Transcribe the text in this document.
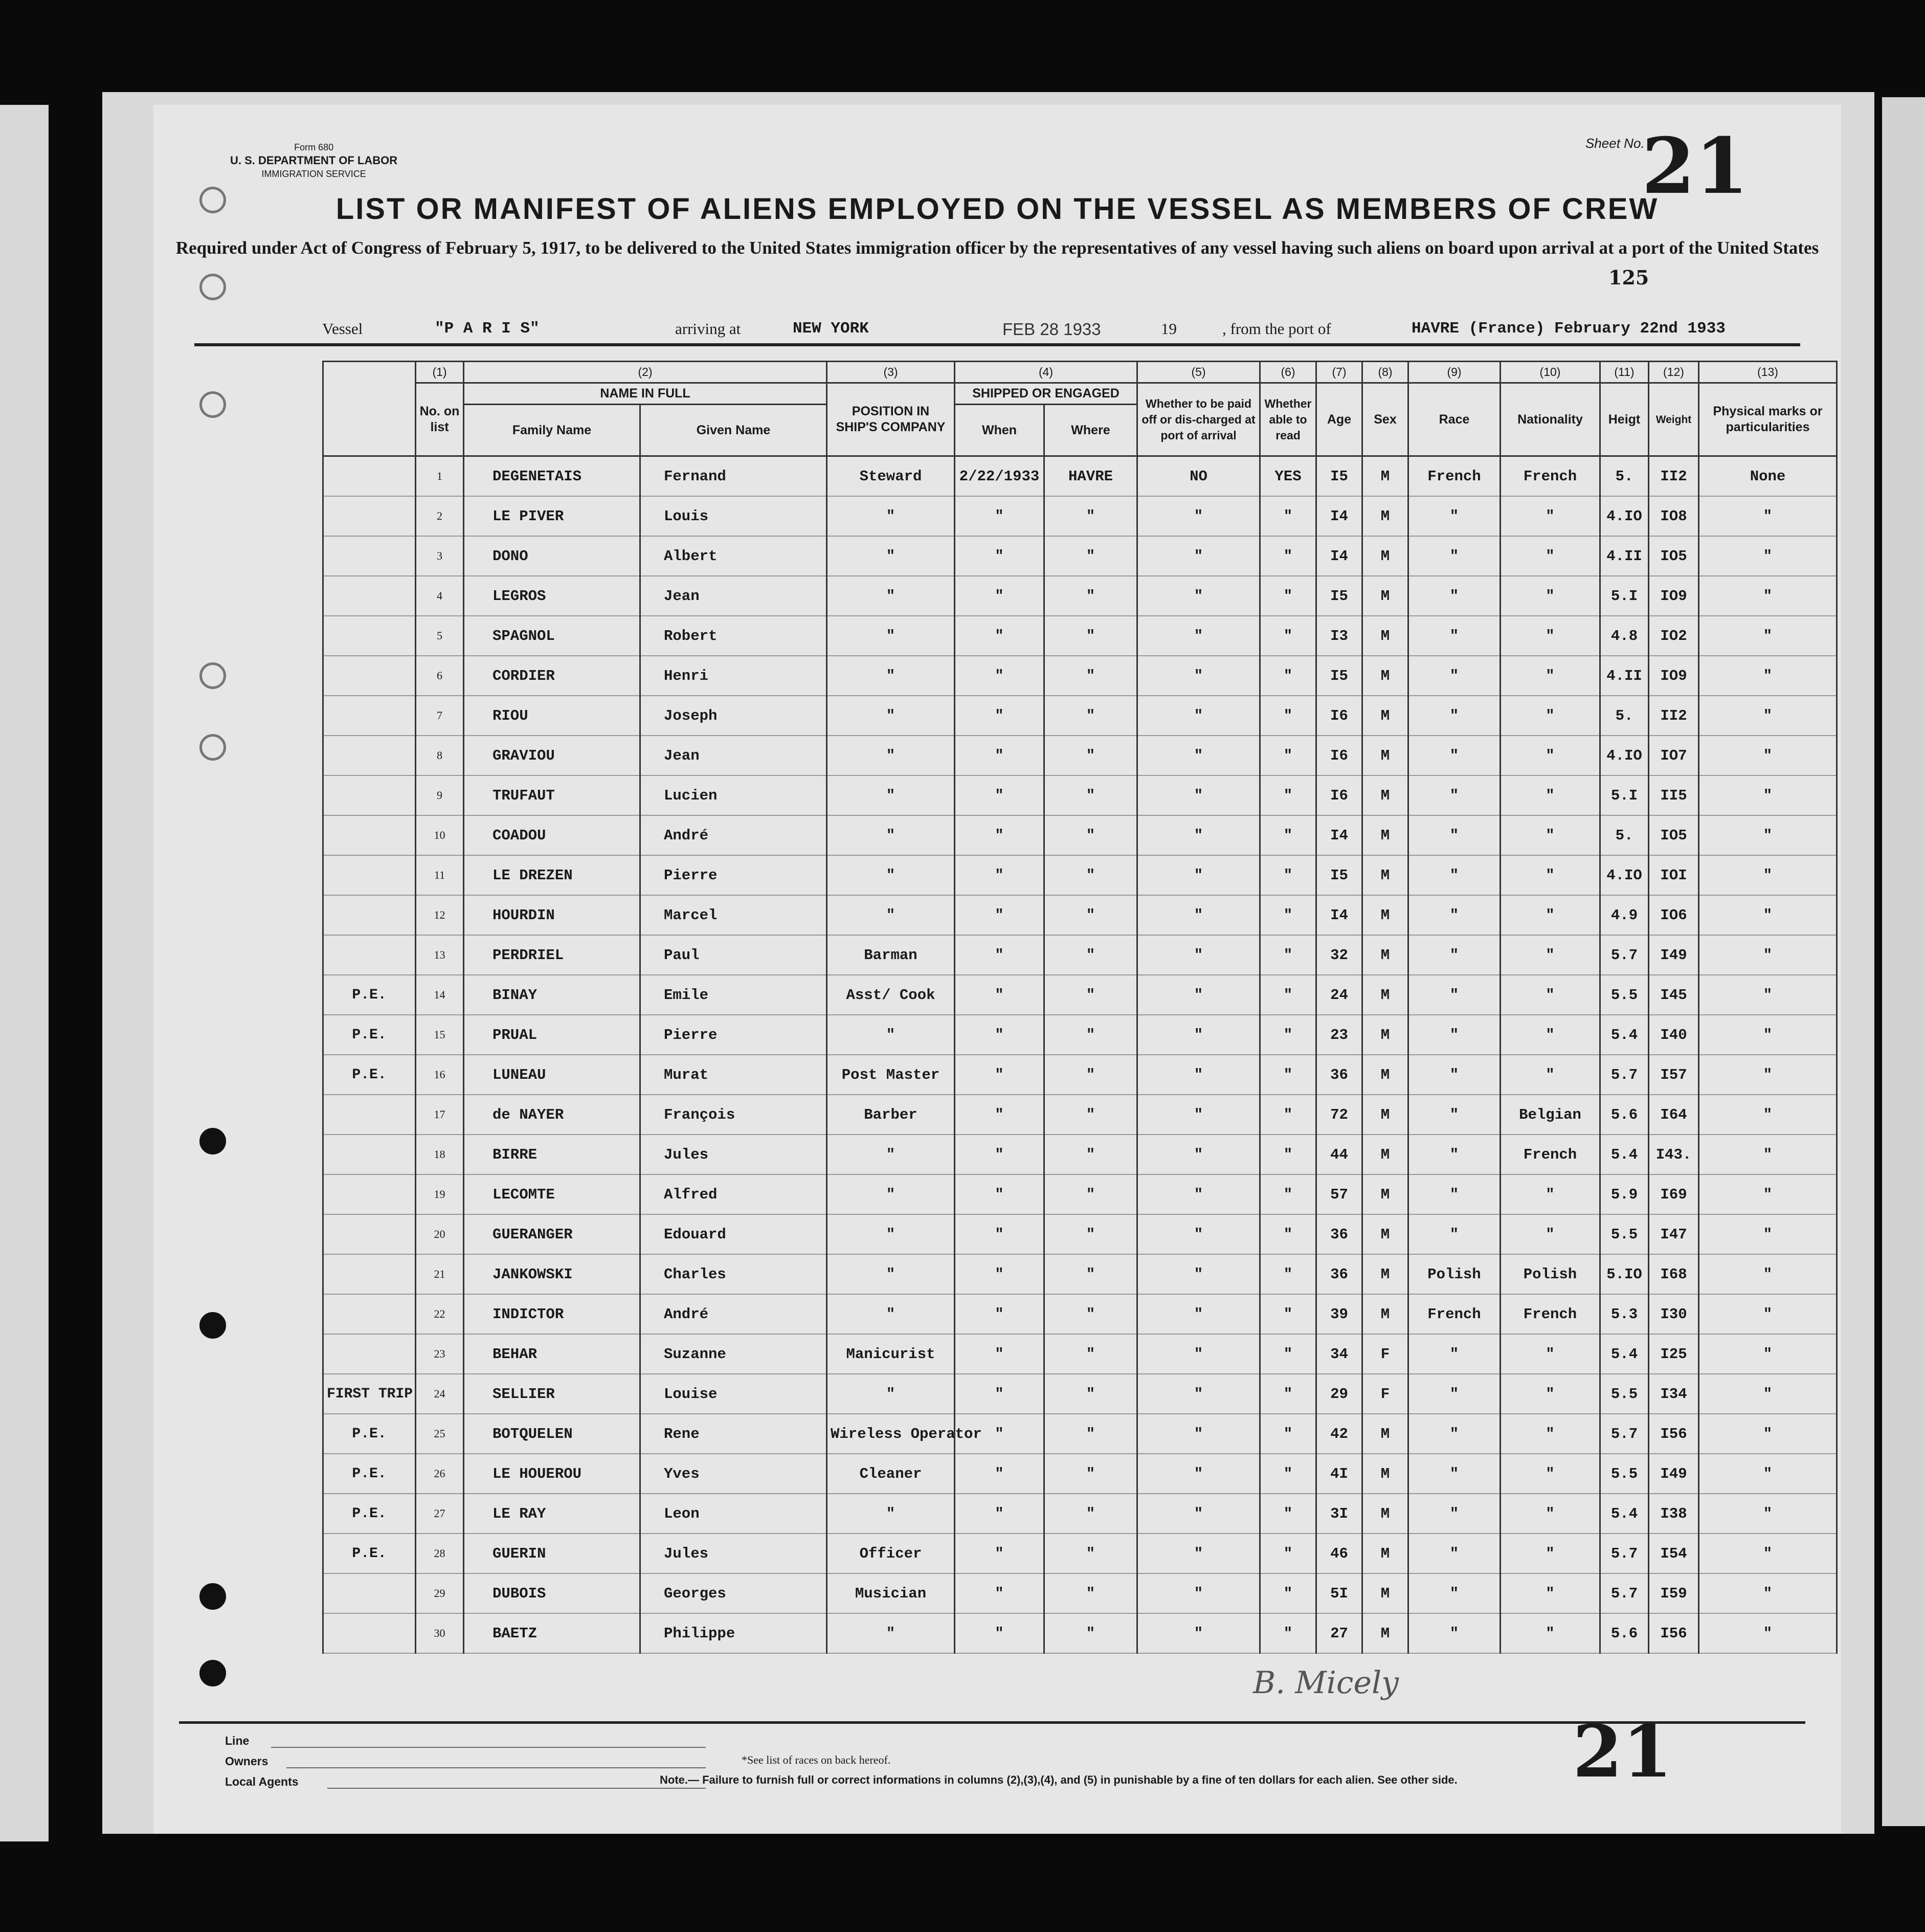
Form 680
U. S. DEPARTMENT OF LABOR
IMMIGRATION SERVICE
Sheet No.
21
125
LIST OR MANIFEST OF ALIENS EMPLOYED ON THE VESSEL AS MEMBERS OF CREW
Required under Act of Congress of February 5, 1917, to be delivered to the United States immigration officer by the representatives of any vessel having such aliens on board upon arrival at a port of the United States
Vessel	"P A R I S"	arriving at	NEW YORK	FEB 28 1933	19	, from the port of	HAVRE (France) February 22nd 1933
	(1)	(2)		(3)	(4)		(5)	(6)	(7)	(8)	(9)	(10)	(11)	(12)	(13)
	No. on list	NAME IN FULL		POSITION IN SHIP'S COMPANY	SHIPPED OR ENGAGED		Whether to be paid off or dis-charged at port of arrival	Whether able to read	Age	Sex	Race	Nationality	Heigt	Weight	Physical marks or particularities
		Family Name	Given Name		When	Where									
	1	DEGENETAIS	Fernand	Steward	2/22/1933	HAVRE	NO	YES	I5	M	French	French	5.	II2	None
	2	LE PIVER	Louis	"	"	"	"	"	I4	M	"	"	4.IO	IO8	"
	3	DONO	Albert	"	"	"	"	"	I4	M	"	"	4.II	IO5	"
	4	LEGROS	Jean	"	"	"	"	"	I5	M	"	"	5.I	IO9	"
	5	SPAGNOL	Robert	"	"	"	"	"	I3	M	"	"	4.8	IO2	"
	6	CORDIER	Henri	"	"	"	"	"	I5	M	"	"	4.II	IO9	"
	7	RIOU	Joseph	"	"	"	"	"	I6	M	"	"	5.	II2	"
	8	GRAVIOU	Jean	"	"	"	"	"	I6	M	"	"	4.IO	IO7	"
	9	TRUFAUT	Lucien	"	"	"	"	"	I6	M	"	"	5.I	II5	"
	10	COADOU	André	"	"	"	"	"	I4	M	"	"	5.	IO5	"
	11	LE DREZEN	Pierre	"	"	"	"	"	I5	M	"	"	4.IO	IOI	"
	12	HOURDIN	Marcel	"	"	"	"	"	I4	M	"	"	4.9	IO6	"
	13	PERDRIEL	Paul	Barman	"	"	"	"	32	M	"	"	5.7	I49	"
P.E.	14	BINAY	Emile	Asst/ Cook	"	"	"	"	24	M	"	"	5.5	I45	"
P.E.	15	PRUAL	Pierre	"	"	"	"	"	23	M	"	"	5.4	I40	"
P.E.	16	LUNEAU	Murat	Post Master	"	"	"	"	36	M	"	"	5.7	I57	"
	17	de NAYER	François	Barber	"	"	"	"	72	M	"	Belgian	5.6	I64	"
	18	BIRRE	Jules	"	"	"	"	"	44	M	"	French	5.4	I43.	"
	19	LECOMTE	Alfred	"	"	"	"	"	57	M	"	"	5.9	I69	"
	20	GUERANGER	Edouard	"	"	"	"	"	36	M	"	"	5.5	I47	"
	21	JANKOWSKI	Charles	"	"	"	"	"	36	M	Polish	Polish	5.IO	I68	"
	22	INDICTOR	André	"	"	"	"	"	39	M	French	French	5.3	I30	"
	23	BEHAR	Suzanne	Manicurist	"	"	"	"	34	F	"	"	5.4	I25	"
FIRST TRIP	24	SELLIER	Louise	"	"	"	"	"	29	F	"	"	5.5	I34	"
P.E.	25	BOTQUELEN	Rene	Wireless Operator	"	"	"	"	42	M	"	"	5.7	I56	"
P.E.	26	LE HOUEROU	Yves	Cleaner	"	"	"	"	4I	M	"	"	5.5	I49	"
P.E.	27	LE RAY	Leon	"	"	"	"	"	3I	M	"	"	5.4	I38	"
P.E.	28	GUERIN	Jules	Officer	"	"	"	"	46	M	"	"	5.7	I54	"
	29	DUBOIS	Georges	Musician	"	"	"	"	5I	M	"	"	5.7	I59	"
	30	BAETZ	Philippe	"	"	"	"	"	27	M	"	"	5.6	I56	"
Line
Owners
Local Agents
*See list of races on back hereof.
Note.— Failure to furnish full or correct informations in columns (2),(3),(4), and (5) in punishable by a fine of ten dollars for each alien. See other side.
B. Micely
21
